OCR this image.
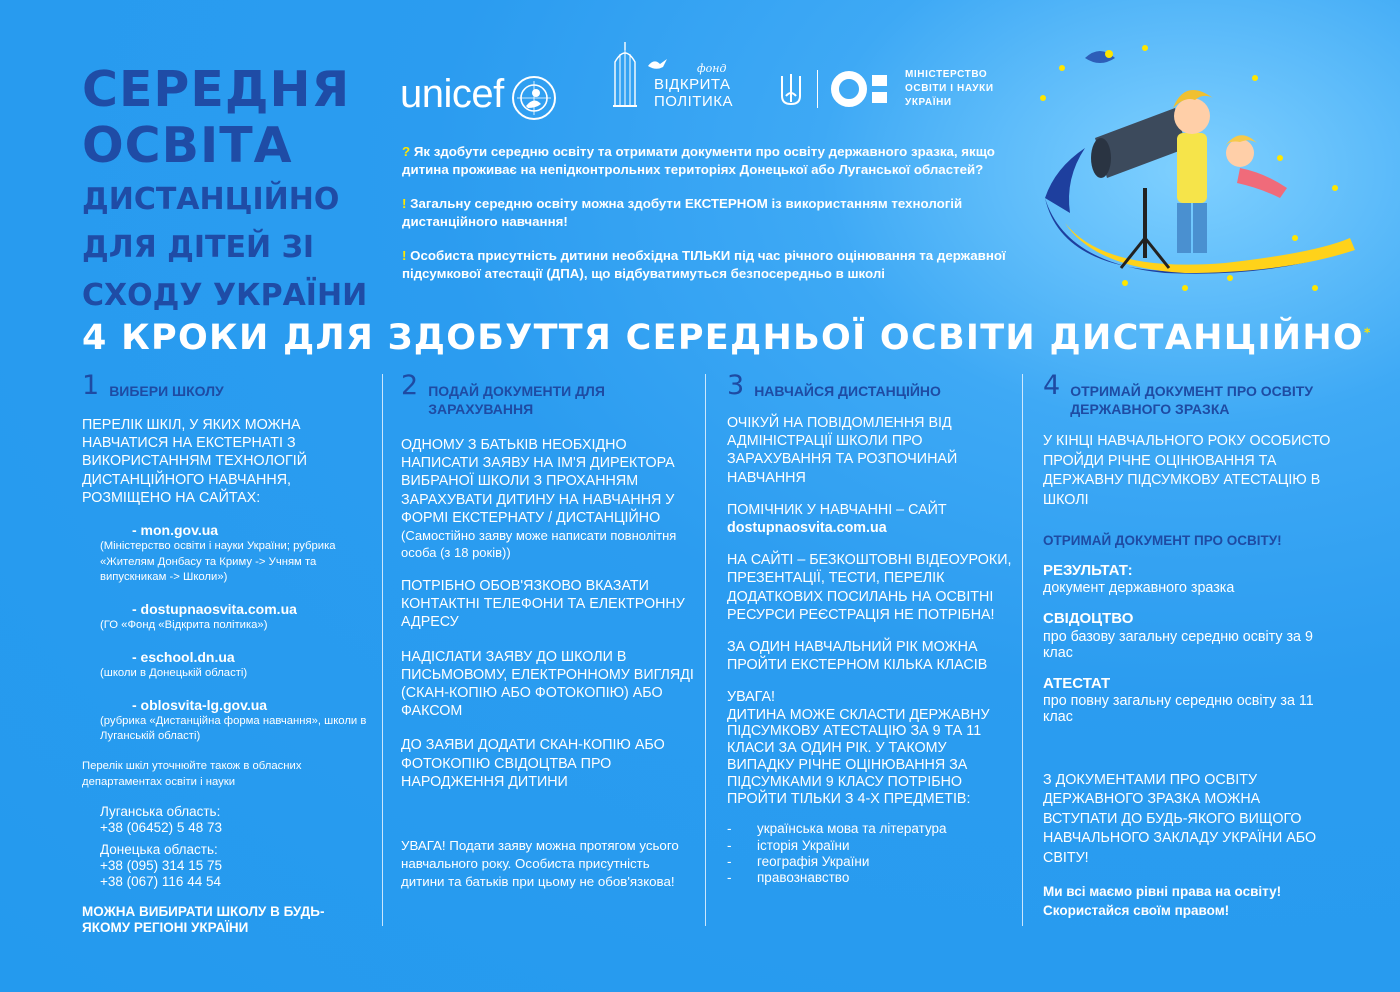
СЕРЕДНЯ
ОСВІТА
ДИСТАНЦІЙНО
ДЛЯ ДІТЕЙ ЗІ
СХОДУ УКРАЇНИ
unicef
фонд
ВІДКРИТА
ПОЛІТИКА
МІНІСТЕРСТВО
ОСВІТИ І НАУКИ
УКРАЇНИ

? Як здобути середню освіту та отримати документи про освіту державного зразка, якщо дитина проживає на непідконтрольних територіях Донецької або Луганської областей?

! Загальну середню освіту можна здобути ЕКСТЕРНОМ із використанням технологій дистанційного навчання!

! Особиста присутність дитини необхідна ТІЛЬКИ під час річного оцінювання та державної підсумкової атестації (ДПА), що відбуватимуться безпосередньо в школі

4 КРОКИ ДЛЯ ЗДОБУТТЯ СЕРЕДНЬОЇ ОСВІТИ ДИСТАНЦІЙНО*
1 ВИБЕРИ ШКОЛУ

ПЕРЕЛІК ШКІЛ, У ЯКИХ МОЖНА НАВЧАТИСЯ НА ЕКСТЕРНАТІ З ВИКОРИСТАННЯМ ТЕХНОЛОГІЙ ДИСТАНЦІЙНОГО НАВЧАННЯ, РОЗМІЩЕНО НА САЙТАХ:

- mon.gov.ua
(Міністерство освіти і науки України; рубрика «Жителям Донбасу та Криму -> Учням та випускникам -> Школи»)
- dostupnaosvita.com.ua
(ГО «Фонд «Відкрита політика»)
- eschool.dn.ua
(школи в Донецькій області)
- oblosvita-lg.gov.ua
(рубрика «Дистанційна форма навчання», школи в Луганській області)

Перелік шкіл уточнюйте також в обласних департаментах освіти і науки

Луганська область:
+38 (06452) 5 48 73
Донецька область:
+38 (095) 314 15 75
+38 (067) 116 44 54

МОЖНА ВИБИРАТИ ШКОЛУ В БУДЬ-ЯКОМУ РЕГІОНІ УКРАЇНИ

2 ПОДАЙ ДОКУМЕНТИ ДЛЯ ЗАРАХУВАННЯ

ОДНОМУ З БАТЬКІВ НЕОБХІДНО НАПИСАТИ ЗАЯВУ НА ІМ'Я ДИРЕКТОРА ВИБРАНОЇ ШКОЛИ З ПРОХАННЯМ ЗАРАХУВАТИ ДИТИНУ НА НАВЧАННЯ У ФОРМІ ЕКСТЕРНАТУ / ДИСТАНЦІЙНО

(Самостійно заяву може написати повнолітня особа (з 18 років))

ПОТРІБНО ОБОВ'ЯЗКОВО ВКАЗАТИ КОНТАКТНІ ТЕЛЕФОНИ ТА ЕЛЕКТРОННУ АДРЕСУ

НАДІСЛАТИ ЗАЯВУ ДО ШКОЛИ В ПИСЬМОВОМУ, ЕЛЕКТРОННОМУ ВИГЛЯДІ (СКАН-КОПІЮ АБО ФОТОКОПІЮ) АБО ФАКСОМ

ДО ЗАЯВИ ДОДАТИ СКАН-КОПІЮ АБО ФОТОКОПІЮ СВІДОЦТВА ПРО НАРОДЖЕННЯ ДИТИНИ

УВАГА! Подати заяву можна протягом усього навчального року. Особиста присутність дитини та батьків при цьому не обов'язкова!

3 НАВЧАЙСЯ ДИСТАНЦІЙНО

ОЧІКУЙ НА ПОВІДОМЛЕННЯ ВІД АДМІНІСТРАЦІЇ ШКОЛИ ПРО ЗАРАХУВАННЯ ТА РОЗПОЧИНАЙ НАВЧАННЯ

ПОМІЧНИК У НАВЧАННІ – САЙТ

dostupnaosvita.com.ua

НА САЙТІ – БЕЗКОШТОВНІ ВІДЕОУРОКИ, ПРЕЗЕНТАЦІЇ, ТЕСТИ, ПЕРЕЛІК ДОДАТКОВИХ ПОСИЛАНЬ НА ОСВІТНІ РЕСУРСИ РЕЄСТРАЦІЯ НЕ ПОТРІБНА!

ЗА ОДИН НАВЧАЛЬНИЙ РІК МОЖНА ПРОЙТИ ЕКСТЕРНОМ КІЛЬКА КЛАСІВ

УВАГА!

ДИТИНА МОЖЕ СКЛАСТИ ДЕРЖАВНУ ПІДСУМКОВУ АТЕСТАЦІЮ ЗА 9 ТА 11 КЛАСИ ЗА ОДИН РІК. У ТАКОМУ ВИПАДКУ РІЧНЕ ОЦІНЮВАННЯ ЗА ПІДСУМКАМИ 9 КЛАСУ ПОТРІБНО ПРОЙТИ ТІЛЬКИ З 4-Х ПРЕДМЕТІВ:

- українська мова та література
- історія України
- географія України
- правознавство
4 ОТРИМАЙ ДОКУМЕНТ ПРО ОСВІТУ ДЕРЖАВНОГО ЗРАЗКА

У КІНЦІ НАВЧАЛЬНОГО РОКУ ОСОБИСТО ПРОЙДИ РІЧНЕ ОЦІНЮВАННЯ ТА ДЕРЖАВНУ ПІДСУМКОВУ АТЕСТАЦІЮ В ШКОЛІ

ОТРИМАЙ ДОКУМЕНТ ПРО ОСВІТУ!

РЕЗУЛЬТАТ:

документ державного зразка

СВІДОЦТВО

про базову загальну середню освіту за 9 клас

АТЕСТАТ

про повну загальну середню освіту за 11 клас

З ДОКУМЕНТАМИ ПРО ОСВІТУ ДЕРЖАВНОГО ЗРАЗКА МОЖНА ВСТУПАТИ ДО БУДЬ-ЯКОГО ВИЩОГО НАВЧАЛЬНОГО ЗАКЛАДУ УКРАЇНИ АБО СВІТУ!

Ми всі маємо рівні права на освіту! Скористайся своїм правом!
